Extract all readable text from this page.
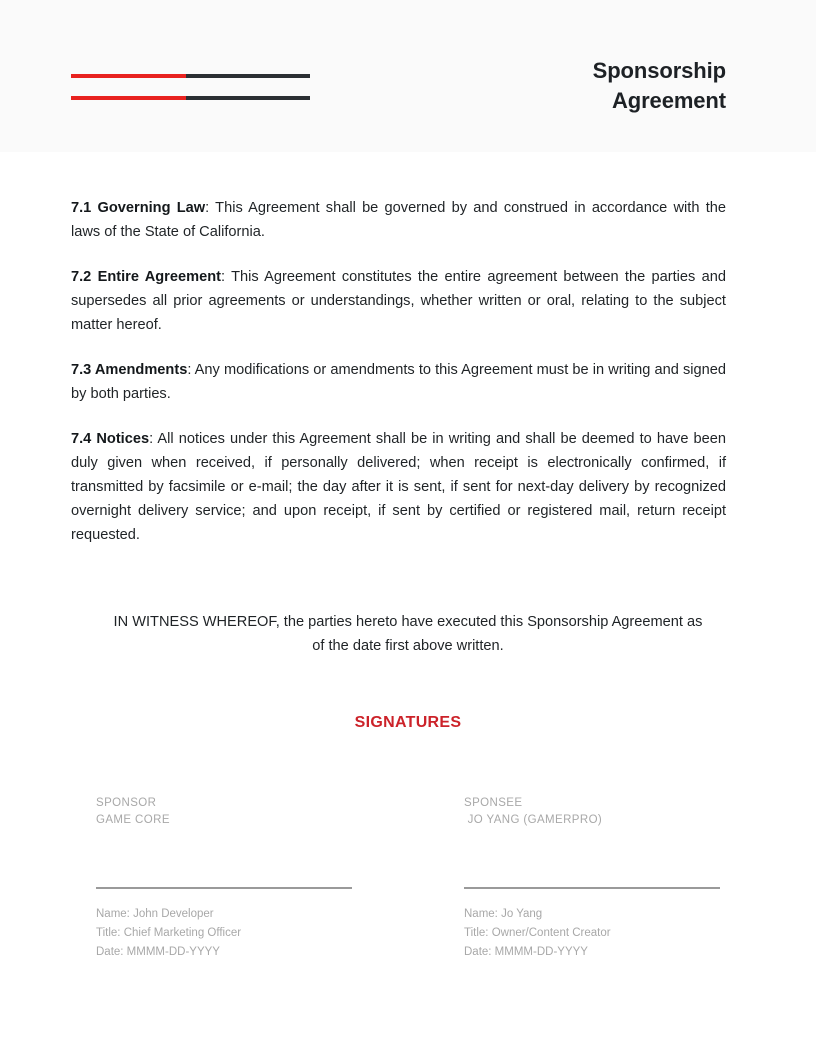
Sponsorship
Agreement

7.1 Governing Law: This Agreement shall be governed by and construed in accordance with the laws of the State of California.

7.2 Entire Agreement: This Agreement constitutes the entire agreement between the parties and supersedes all prior agreements or understandings, whether written or oral, relating to the subject matter hereof.

7.3 Amendments: Any modifications or amendments to this Agreement must be in writing and signed by both parties.

7.4 Notices: All notices under this Agreement shall be in writing and shall be deemed to have been duly given when received, if personally delivered; when receipt is electronically confirmed, if transmitted by facsimile or e-mail; the day after it is sent, if sent for next-day delivery by recognized overnight delivery service; and upon receipt, if sent by certified or registered mail, return receipt requested.

IN WITNESS WHEREOF, the parties hereto have executed this Sponsorship Agreement as of the date first above written.
SIGNATURES
SPONSOR
GAME CORE
Name: John Developer
Title: Chief Marketing Officer
Date: MMMM-DD-YYYY
SPONSEE
JO YANG (GAMERPRO)
Name: Jo Yang
Title: Owner/Content Creator
Date: MMMM-DD-YYYY
